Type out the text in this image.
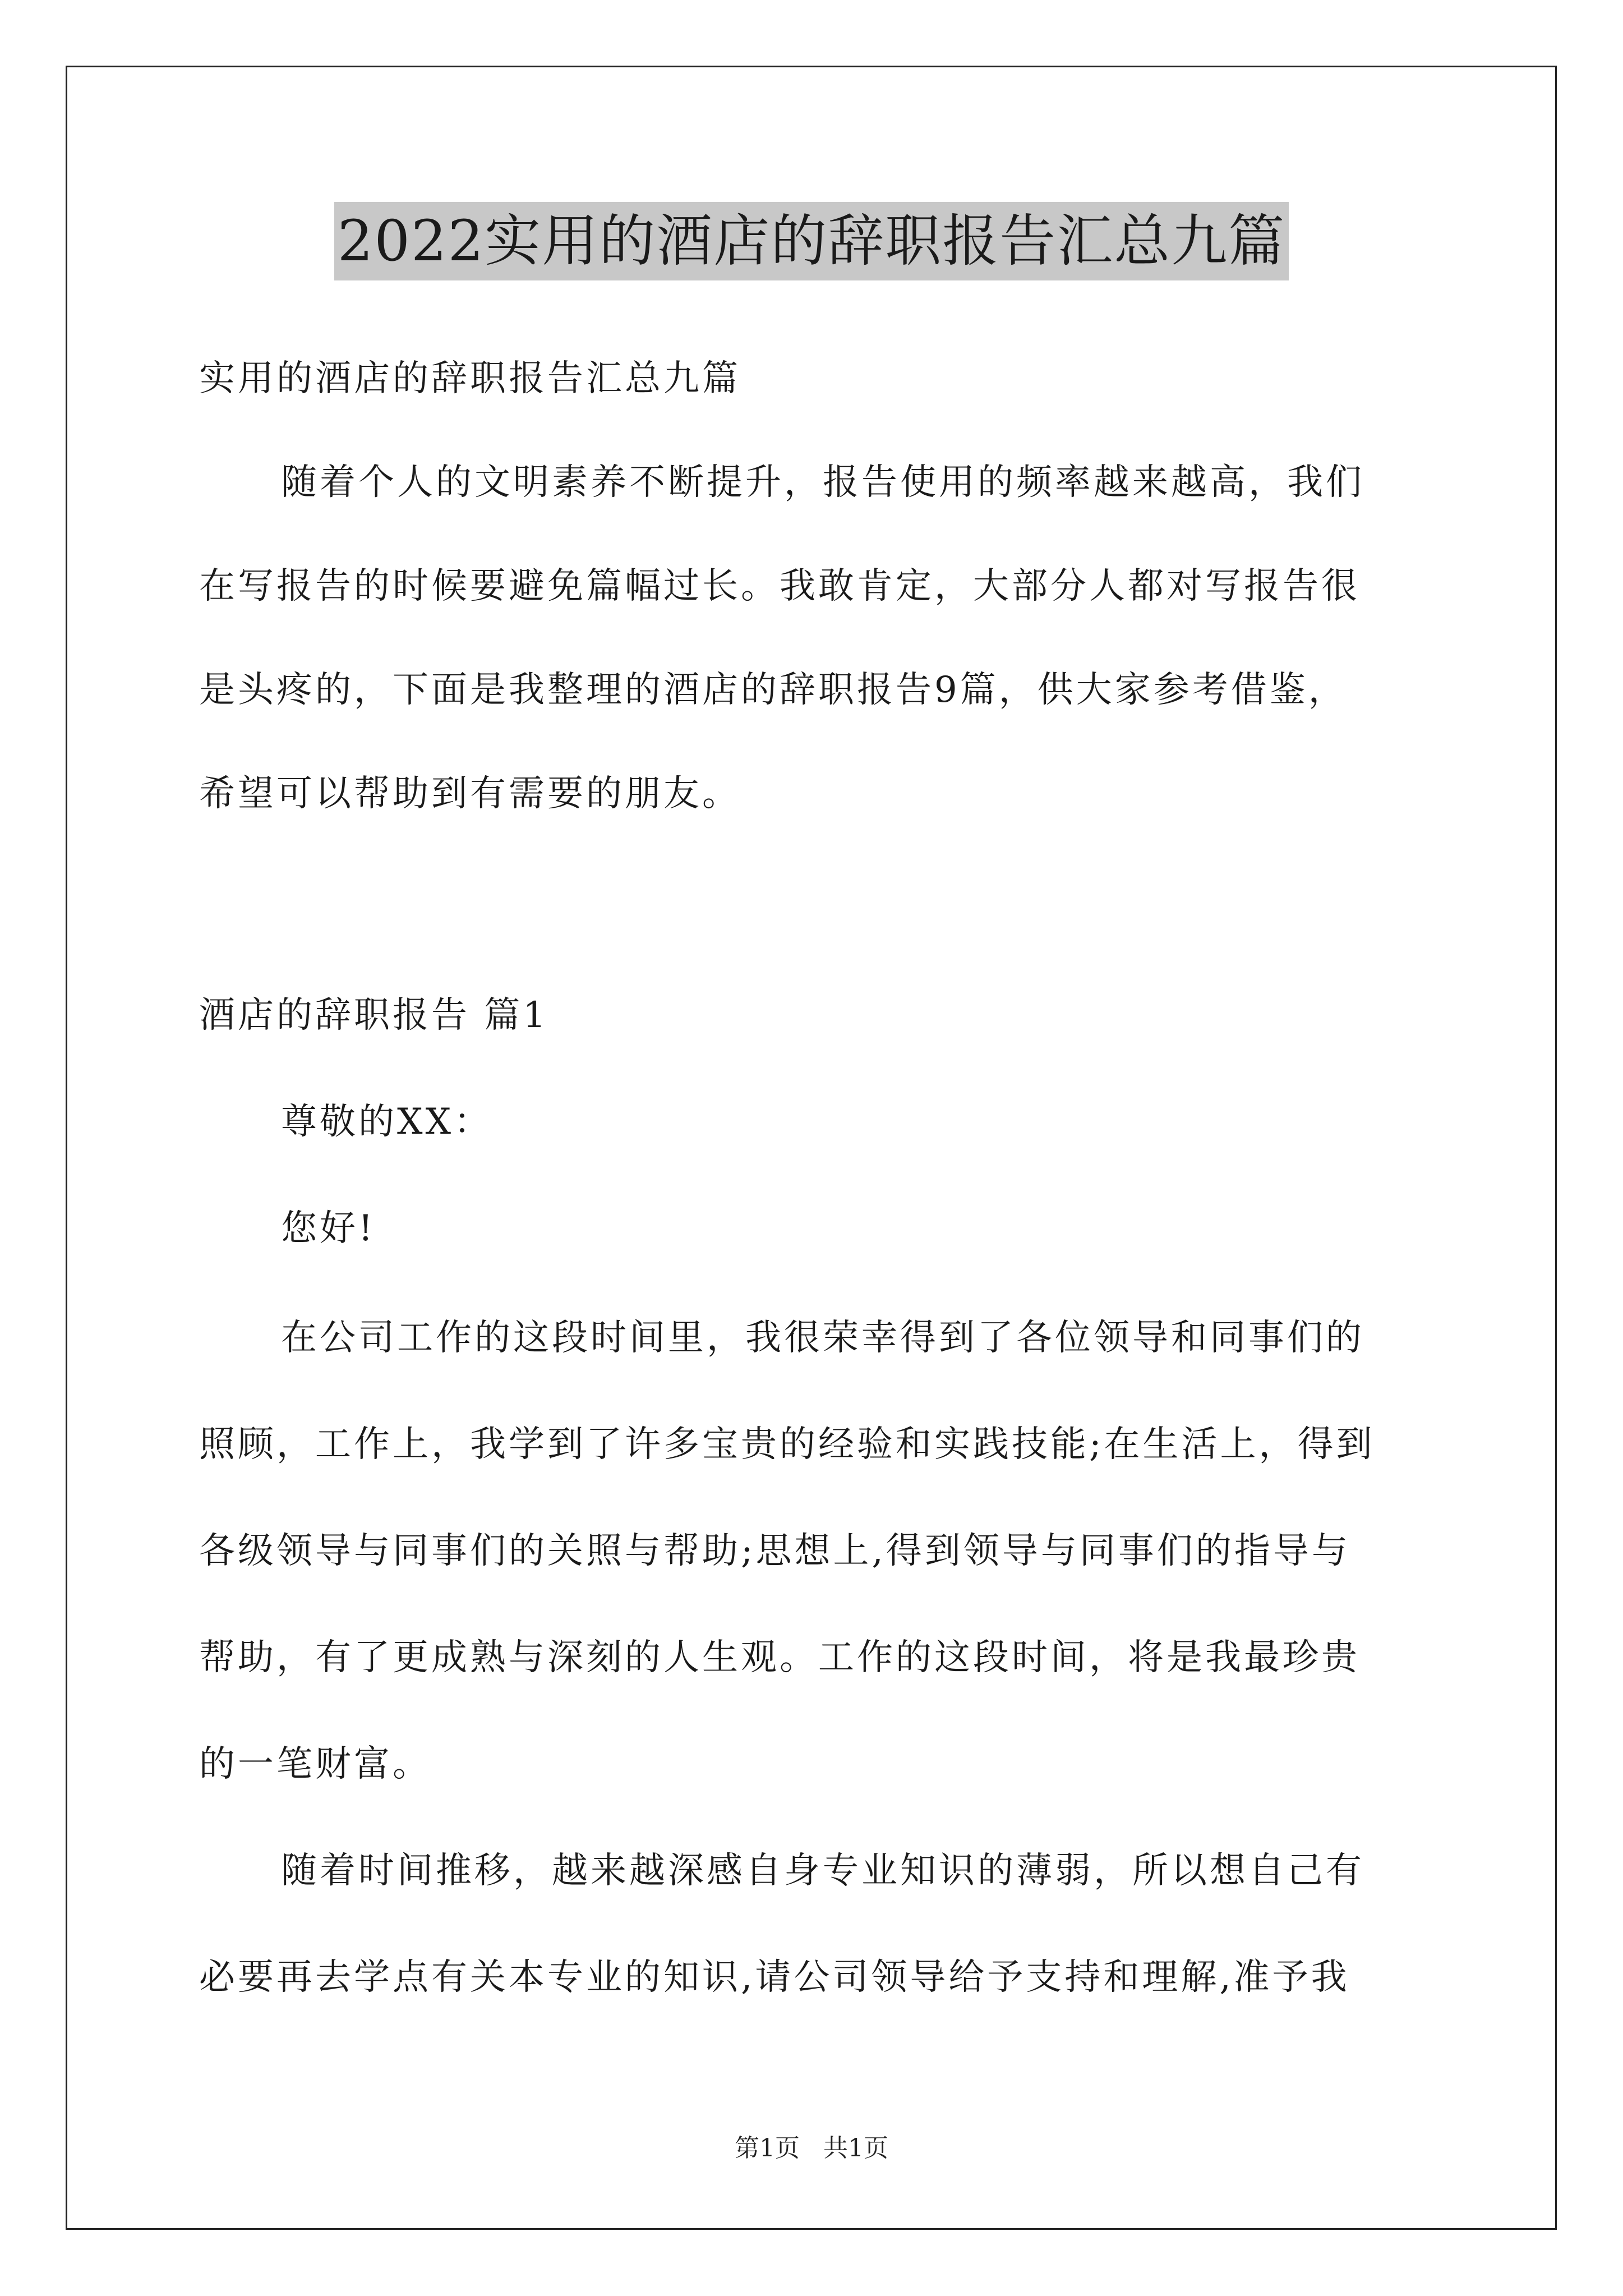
2022实用的酒店的辞职报告汇总九篇
实用的酒店的辞职报告汇总九篇
随着个人的文明素养不断提升，报告使用的频率越来越高，我们
在写报告的时候要避免篇幅过长。我敢肯定，大部分人都对写报告很
是头疼的，下面是我整理的酒店的辞职报告9篇，供大家参考借鉴，
希望可以帮助到有需要的朋友。
酒店的辞职报告 篇1
尊敬的XX：
您好!
在公司工作的这段时间里，我很荣幸得到了各位领导和同事们的
照顾，工作上，我学到了许多宝贵的经验和实践技能;在生活上，得到
各级领导与同事们的关照与帮助;思想上,得到领导与同事们的指导与
帮助，有了更成熟与深刻的人生观。工作的这段时间，将是我最珍贵
的一笔财富。
随着时间推移，越来越深感自身专业知识的薄弱，所以想自己有
必要再去学点有关本专业的知识,请公司领导给予支持和理解,准予我
第1页 共1页
